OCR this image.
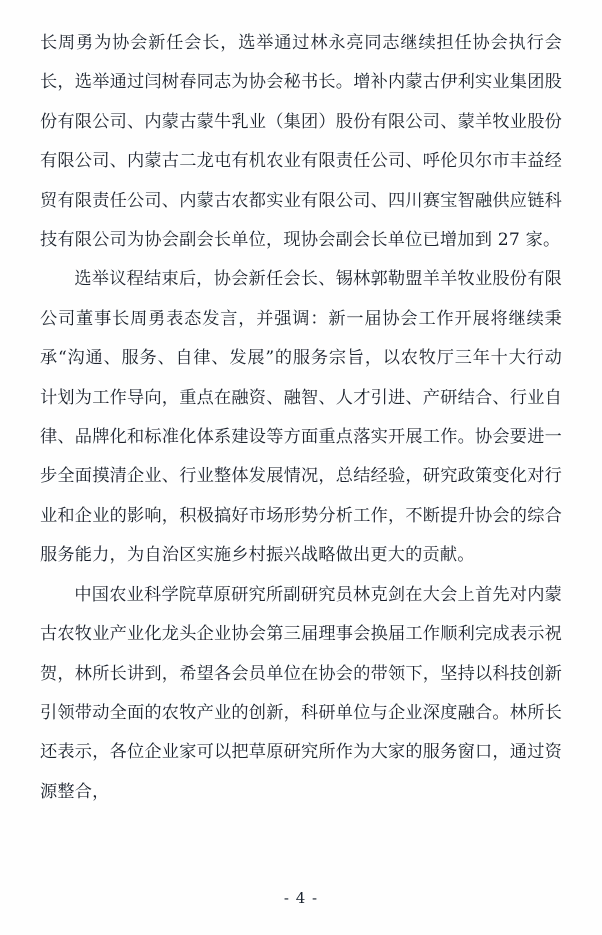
长周勇为协会新任会长，选举通过林永亮同志继续担任协会执行会长，选举通过闫树春同志为协会秘书长。增补内蒙古伊利实业集团股份有限公司、内蒙古蒙牛乳业（集团）股份有限公司、蒙羊牧业股份有限公司、内蒙古二龙屯有机农业有限责任公司、呼伦贝尔市丰益经贸有限责任公司、内蒙古农都实业有限公司、四川赛宝智融供应链科技有限公司为协会副会长单位，现协会副会长单位已增加到 27 家。

选举议程结束后，协会新任会长、锡林郭勒盟羊羊牧业股份有限公司董事长周勇表态发言，并强调：新一届协会工作开展将继续秉承“沟通、服务、自律、发展”的服务宗旨，以农牧厅三年十大行动计划为工作导向，重点在融资、融智、人才引进、产研结合、行业自律、品牌化和标准化体系建设等方面重点落实开展工作。协会要进一步全面摸清企业、行业整体发展情况，总结经验，研究政策变化对行业和企业的影响，积极搞好市场形势分析工作，不断提升协会的综合服务能力，为自治区实施乡村振兴战略做出更大的贡献。

中国农业科学院草原研究所副研究员林克剑在大会上首先对内蒙古农牧业产业化龙头企业协会第三届理事会换届工作顺利完成表示祝贺，林所长讲到，希望各会员单位在协会的带领下，坚持以科技创新引领带动全面的农牧产业的创新，科研单位与企业深度融合。林所长还表示，各位企业家可以把草原研究所作为大家的服务窗口，通过资源整合，

- 4 -
